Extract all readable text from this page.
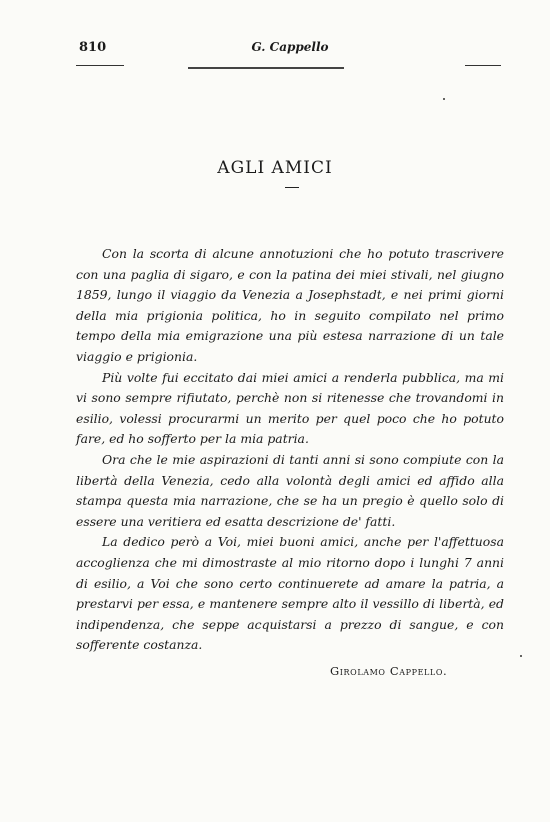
810	G. Cappello
AGLI AMICI

Con la scorta di alcune annotuzioni che ho potuto trascrivere con una paglia di sigaro, e con la patina dei miei stivali, nel giugno 1859, lungo il viaggio da Venezia a Josephstadt, e nei primi giorni della mia prigionia politica, ho in seguito compilato nel primo tempo della mia emigrazione una più estesa narrazione di un tale viaggio e prigionia.

Più volte fui eccitato dai miei amici a renderla pubblica, ma mi vi sono sempre rifiutato, perchè non si ritenesse che trovandomi in esilio, volessi procurarmi un merito per quel poco che ho potuto fare, ed ho sofferto per la mia patria.

Ora che le mie aspirazioni di tanti anni si sono compiute con la libertà della Venezia, cedo alla volontà degli amici ed affido alla stampa questa mia narrazione, che se ha un pregio è quello solo di essere una veritiera ed esatta descrizione de' fatti.

La dedico però a Voi, miei buoni amici, anche per l'affettuosa accoglienza che mi dimostraste al mio ritorno dopo i lunghi 7 anni di esilio, a Voi che sono certo continuerete ad amare la patria, a prestarvi per essa, e mantenere sempre alto il vessillo di libertà, ed indipendenza, che seppe acquistarsi a prezzo di sangue, e con sofferente costanza.

Girolamo Cappello.
